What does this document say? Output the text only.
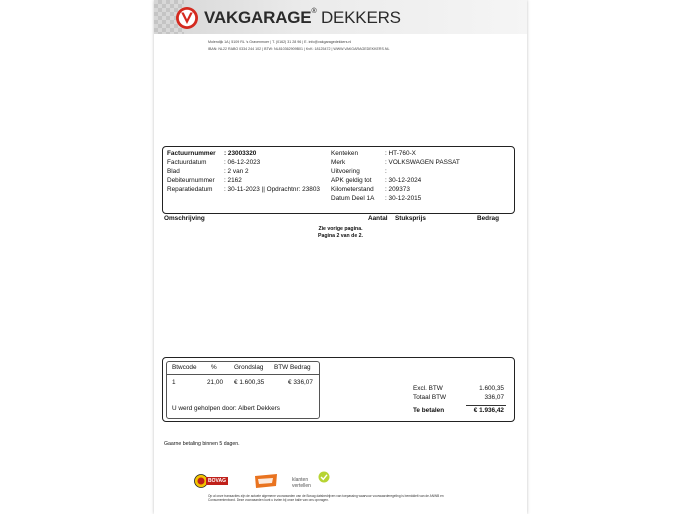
VAKGARAGE® DEKKERS
Molendijk 1A | 5109 RL 's Gravenmoer | T. (0162) 31 28 96 | E. info@vakgaragedekkers.nl
IBAN: NL22 RABO 0334 244 102 | BTW: NL810362909B01 | KvK: 18125472 | WWW.VAKGARAGEDEKKERS.NL
Factuurnummer : 23003320
Factuurdatum	: 06-12-2023
Blad	: 2 van 2
Debiteurnummer : 2162
Reparatiedatum : 30-11-2023 || Opdrachtnr: 23803
Kenteken	: HT-760-X
Merk	: VOLKSWAGEN PASSAT
Uitvoering	:
APK geldig tot : 30-12-2024
Kilometerstand : 209373
Datum Deel 1A : 30-12-2015
Omschrijving	Aantal Stuksprijs	Bedrag
Zie vorige pagina.
Pagina 2 van de 2.
Btwcode %	Grondslag BTW Bedrag
1	21,00 € 1.600,35	€ 336,07
U werd geholpen door: Albert Dekkers
Excl. BTW	1.600,35
Totaal BTW	336,07
Te betalen	€ 1.936,42
Gaarne betaling binnen 5 dagen.
BOVAG	klanten
vertellen
Op al onze transacties zijn de actuele algemene voorwaarden van de Bovag datsbedrijven van toepassing waarvoor voorwaarderegeling is bemiddelt van de ANWB en
Consumentenbond. Deze voorwaarden kunt u inzien bij onze balie van ons opvragen.
